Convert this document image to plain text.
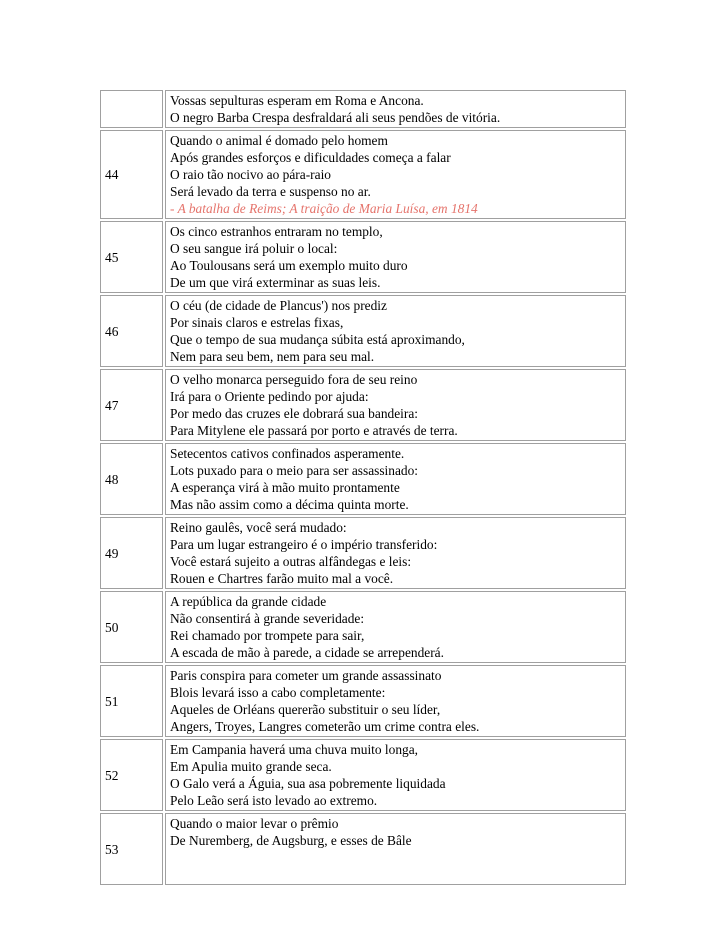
	Vossas sepulturas esperam em Roma e Ancona.
O negro Barba Crespa desfraldará ali seus pendões de vitória.

44	Quando o animal é domado pelo homem
Após grandes esforços e dificuldades começa a falar
O raio tão nocivo ao pára-raio
Será levado da terra e suspenso no ar.
- A batalha de Reims; A traição de Maria Luísa, em 1814

45	Os cinco estranhos entraram no templo,
O seu sangue irá poluir o local:
Ao Toulousans será um exemplo muito duro
De um que virá exterminar as suas leis.

46	O céu (de cidade de Plancus') nos prediz
Por sinais claros e estrelas fixas,
Que o tempo de sua mudança súbita está aproximando,
Nem para seu bem, nem para seu mal.

47	O velho monarca perseguido fora de seu reino
Irá para o Oriente pedindo por ajuda:
Por medo das cruzes ele dobrará sua bandeira:
Para Mitylene ele passará por porto e através de terra.

48	Setecentos cativos confinados asperamente.
Lots puxado para o meio para ser assassinado:
A esperança virá à mão muito prontamente
Mas não assim como a décima quinta morte.

49	Reino gaulês, você será mudado:
Para um lugar estrangeiro é o império transferido:
Você estará sujeito a outras alfândegas e leis:
Rouen e Chartres farão muito mal a você.

50	A república da grande cidade
Não consentirá à grande severidade:
Rei chamado por trompete para sair,
A escada de mão à parede, a cidade se arrependerá.

51	Paris conspira para cometer um grande assassinato
Blois levará isso a cabo completamente:
Aqueles de Orléans quererão substituir o seu líder,
Angers, Troyes, Langres cometerão um crime contra eles.

52	Em Campania haverá uma chuva muito longa,
Em Apulia muito grande seca.
O Galo verá a Águia, sua asa pobremente liquidada
Pelo Leão será isto levado ao extremo.

53	Quando o maior levar o prêmio
De Nuremberg, de Augsburg, e esses de Bâle
